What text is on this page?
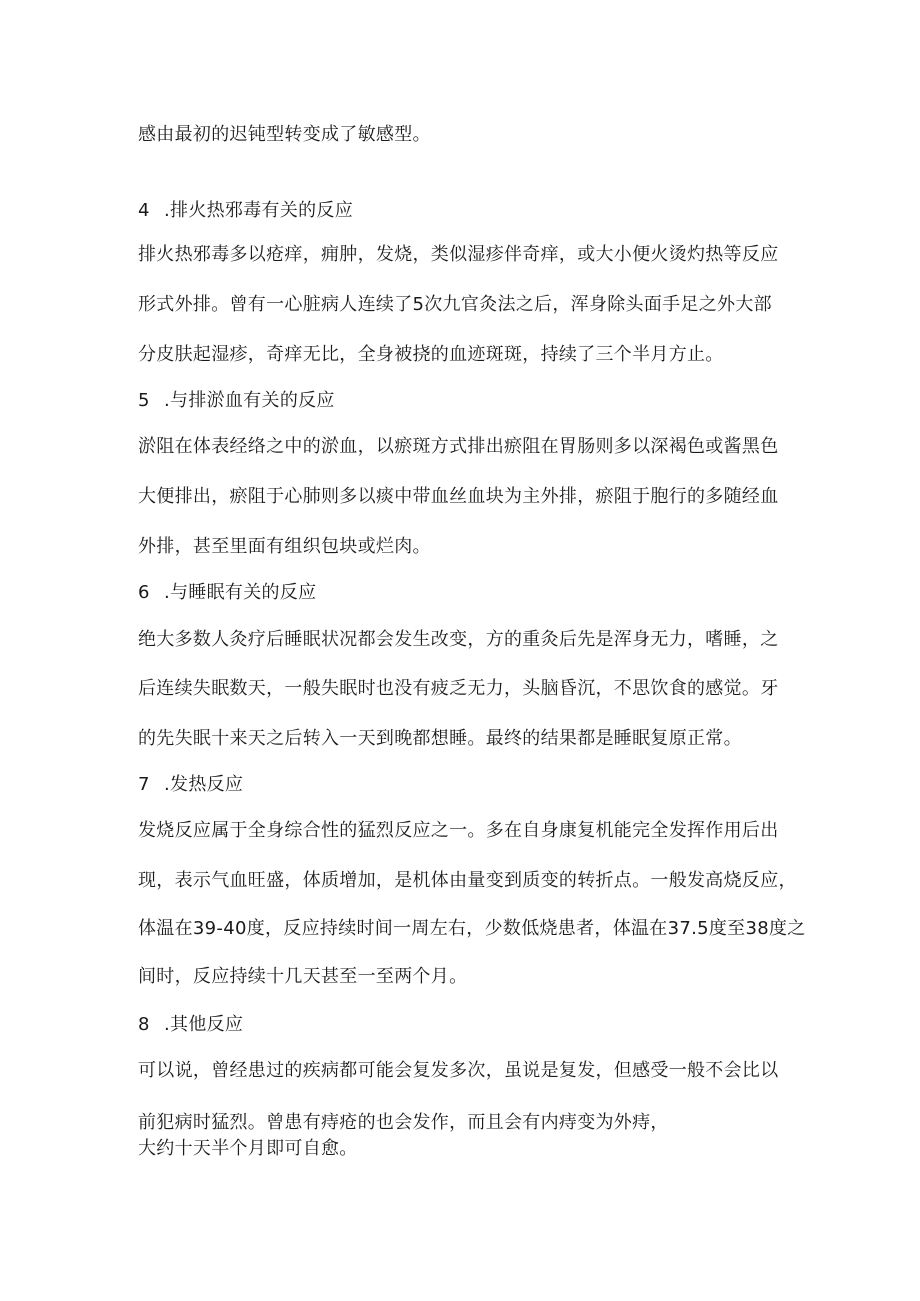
感由最初的迟钝型转变成了敏感型。
4 .排火热邪毒有关的反应
排火热邪毒多以疮痒，痈肿，发烧，类似湿疹伴奇痒，或大小便火烫灼热等反应
形式外排。曾有一心脏病人连续了5次九官灸法之后，浑身除头面手足之外大部
分皮肤起湿疹，奇痒无比，全身被挠的血迹斑斑，持续了三个半月方止。
5 .与排淤血有关的反应
淤阻在体表经络之中的淤血，以瘀斑方式排出瘀阻在胃肠则多以深褐色或酱黑色
大便排出，瘀阻于心肺则多以痰中带血丝血块为主外排，瘀阻于胞行的多随经血
外排，甚至里面有组织包块或烂肉。
6 .与睡眠有关的反应
绝大多数人灸疗后睡眠状况都会发生改变，方的重灸后先是浑身无力，嗜睡，之
后连续失眠数天，一般失眠时也没有疲乏无力，头脑昏沉，不思饮食的感觉。牙
的先失眠十来天之后转入一天到晚都想睡。最终的结果都是睡眠复原正常。
7 .发热反应
发烧反应属于全身综合性的猛烈反应之一。多在自身康复机能完全发挥作用后出
现，表示气血旺盛，体质增加，是机体由量变到质变的转折点。一般发高烧反应，
体温在39-40度，反应持续时间一周左右，少数低烧患者，体温在37.5度至38度之
间时，反应持续十几天甚至一至两个月。
8 .其他反应
可以说，曾经患过的疾病都可能会复发多次，虽说是复发，但感受一般不会比以
前犯病时猛烈。曾患有痔疮的也会发作，而且会有内痔变为外痔，
大约十天半个月即可自愈。
